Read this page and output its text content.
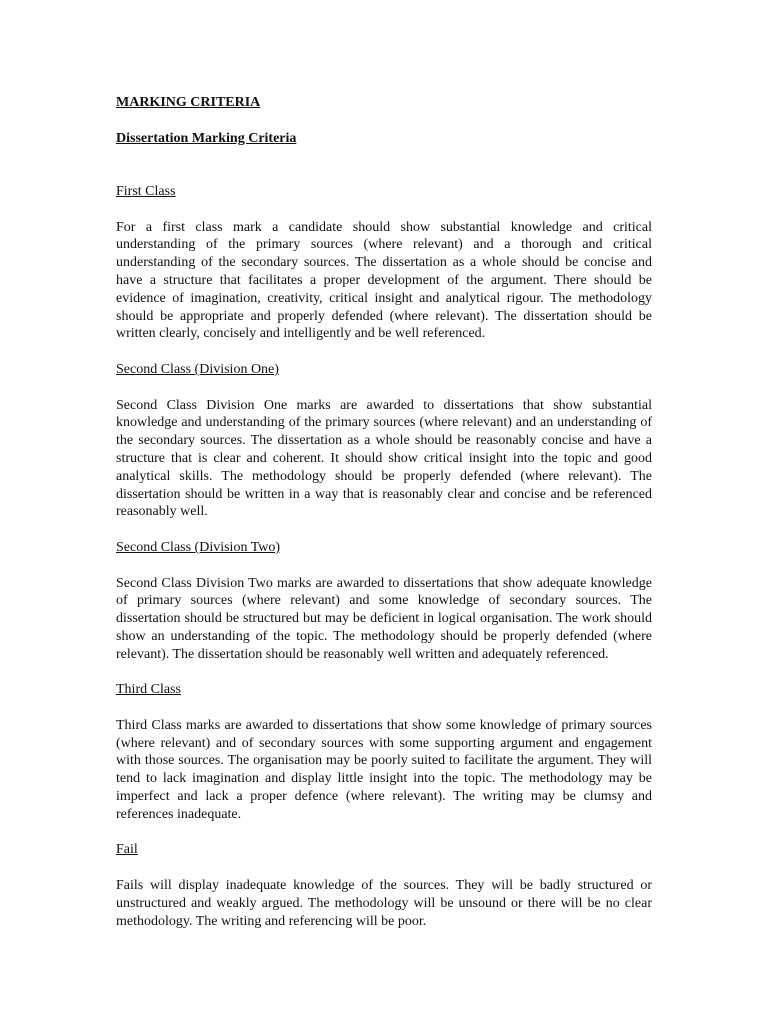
MARKING CRITERIA
Dissertation Marking Criteria
First Class

For a first class mark a candidate should show substantial knowledge and critical understanding of the primary sources (where relevant) and a thorough and critical understanding of the secondary sources. The dissertation as a whole should be concise and have a structure that facilitates a proper development of the argument. There should be evidence of imagination, creativity, critical insight and analytical rigour. The methodology should be appropriate and properly defended (where relevant). The dissertation should be written clearly, concisely and intelligently and be well referenced.

Second Class (Division One)

Second Class Division One marks are awarded to dissertations that show substantial knowledge and understanding of the primary sources (where relevant) and an understanding of the secondary sources. The dissertation as a whole should be reasonably concise and have a structure that is clear and coherent. It should show critical insight into the topic and good analytical skills. The methodology should be properly defended (where relevant). The dissertation should be written in a way that is reasonably clear and concise and be referenced reasonably well.

Second Class (Division Two)

Second Class Division Two marks are awarded to dissertations that show adequate knowledge of primary sources (where relevant) and some knowledge of secondary sources. The dissertation should be structured but may be deficient in logical organisation. The work should show an understanding of the topic. The methodology should be properly defended (where relevant). The dissertation should be reasonably well written and adequately referenced.

Third Class

Third Class marks are awarded to dissertations that show some knowledge of primary sources (where relevant) and of secondary sources with some supporting argument and engagement with those sources. The organisation may be poorly suited to facilitate the argument. They will tend to lack imagination and display little insight into the topic. The methodology may be imperfect and lack a proper defence (where relevant). The writing may be clumsy and references inadequate.

Fail

Fails will display inadequate knowledge of the sources. They will be badly structured or unstructured and weakly argued. The methodology will be unsound or there will be no clear methodology. The writing and referencing will be poor.
